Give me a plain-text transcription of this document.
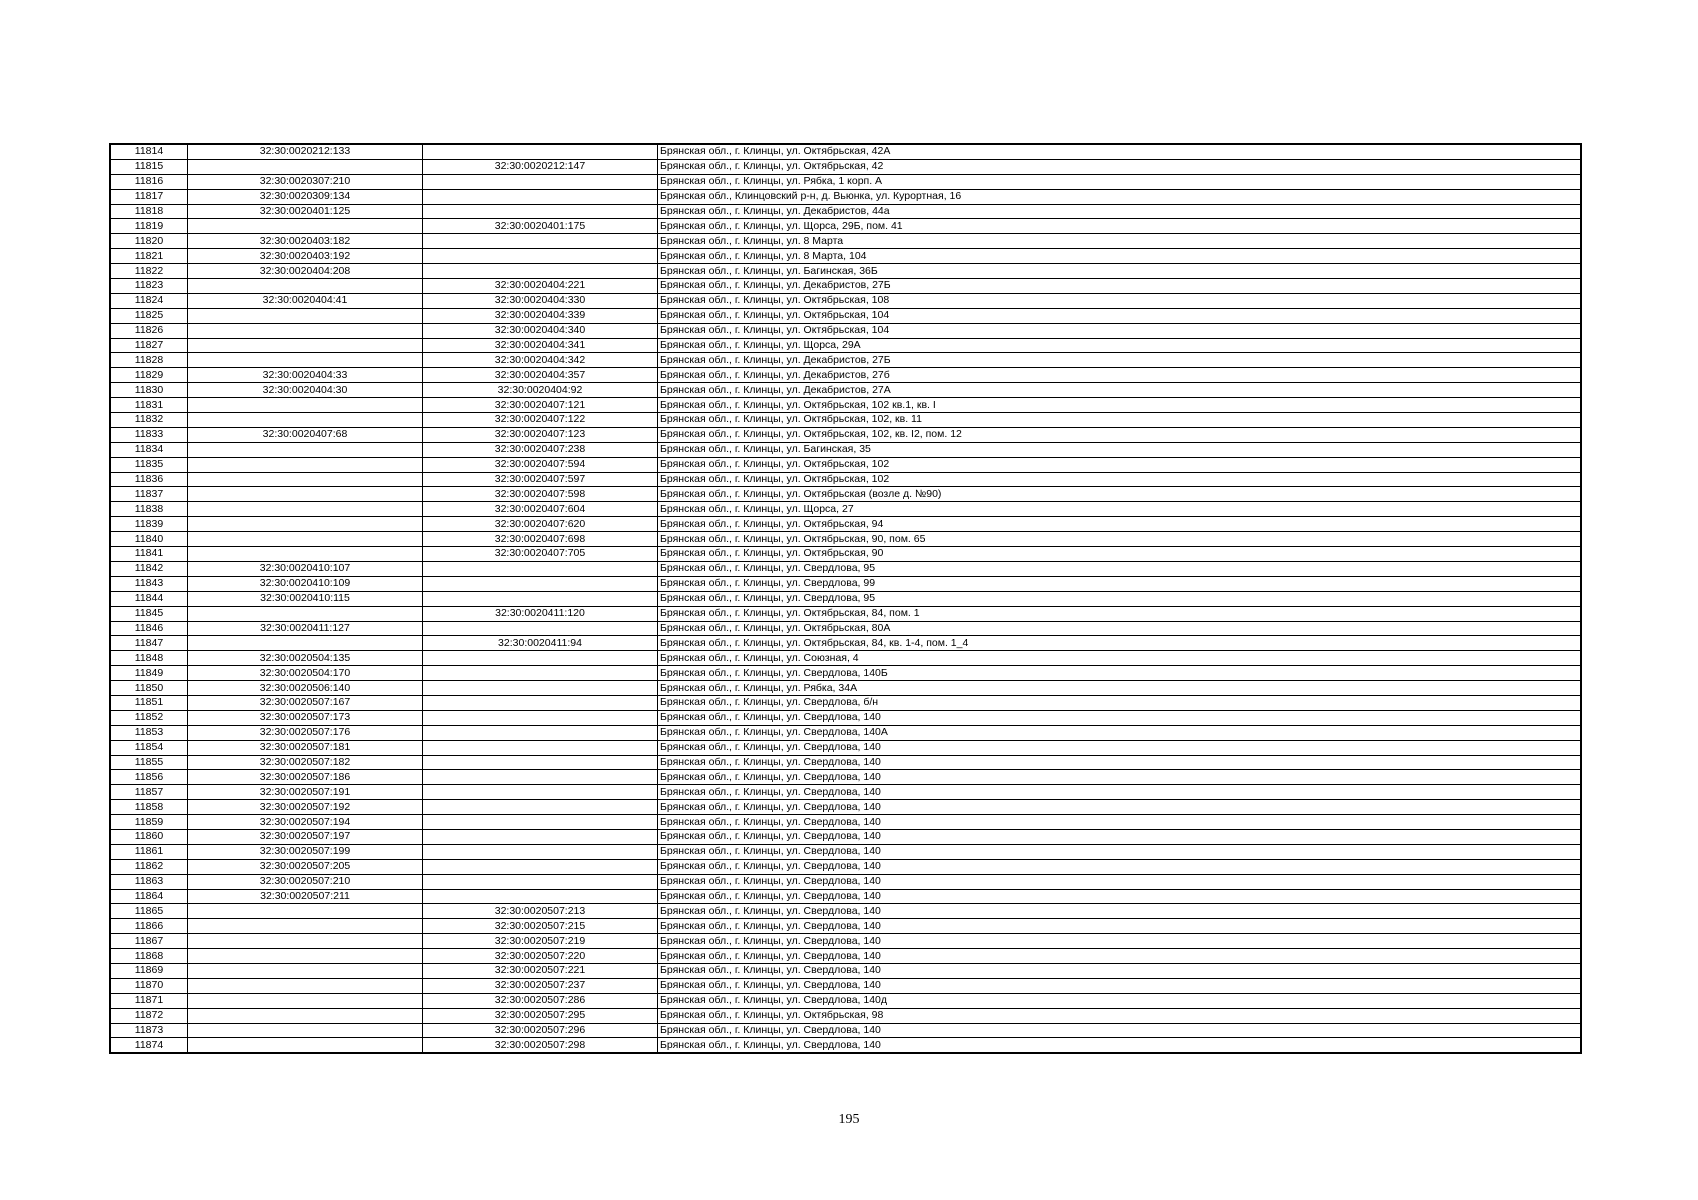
11814	32:30:0020212:133		Брянская обл., г. Клинцы, ул. Октябрьская, 42А
11815		32:30:0020212:147	Брянская обл., г. Клинцы, ул. Октябрьская, 42
11816	32:30:0020307:210		Брянская обл., г. Клинцы, ул. Рябка, 1 корп. А
11817	32:30:0020309:134		Брянская обл., Клинцовский р-н, д. Вьюнка, ул. Курортная, 16
11818	32:30:0020401:125		Брянская обл., г. Клинцы, ул. Декабристов, 44а
11819		32:30:0020401:175	Брянская обл., г. Клинцы, ул. Щорса, 29Б, пом. 41
11820	32:30:0020403:182		Брянская обл., г. Клинцы, ул. 8 Марта
11821	32:30:0020403:192		Брянская обл., г. Клинцы, ул. 8 Марта, 104
11822	32:30:0020404:208		Брянская обл., г. Клинцы, ул. Багинская, 36Б
11823		32:30:0020404:221	Брянская обл., г. Клинцы, ул. Декабристов, 27Б
11824	32:30:0020404:41	32:30:0020404:330	Брянская обл., г. Клинцы, ул. Октябрьская, 108
11825		32:30:0020404:339	Брянская обл., г. Клинцы, ул. Октябрьская, 104
11826		32:30:0020404:340	Брянская обл., г. Клинцы, ул. Октябрьская, 104
11827		32:30:0020404:341	Брянская обл., г. Клинцы, ул. Щорса, 29А
11828		32:30:0020404:342	Брянская обл., г. Клинцы, ул. Декабристов, 27Б
11829	32:30:0020404:33	32:30:0020404:357	Брянская обл., г. Клинцы, ул. Декабристов, 27б
11830	32:30:0020404:30	32:30:0020404:92	Брянская обл., г. Клинцы, ул. Декабристов, 27А
11831		32:30:0020407:121	Брянская обл., г. Клинцы, ул. Октябрьская, 102 кв.1, кв. I
11832		32:30:0020407:122	Брянская обл., г. Клинцы, ул. Октябрьская, 102, кв. 11
11833	32:30:0020407:68	32:30:0020407:123	Брянская обл., г. Клинцы, ул. Октябрьская, 102, кв. I2, пом. 12
11834		32:30:0020407:238	Брянская обл., г. Клинцы, ул. Багинская, 35
11835		32:30:0020407:594	Брянская обл., г. Клинцы, ул. Октябрьская, 102
11836		32:30:0020407:597	Брянская обл., г. Клинцы, ул. Октябрьская, 102
11837		32:30:0020407:598	Брянская обл., г. Клинцы, ул. Октябрьская (возле д. №90)
11838		32:30:0020407:604	Брянская обл., г. Клинцы, ул. Щорса, 27
11839		32:30:0020407:620	Брянская обл., г. Клинцы, ул. Октябрьская, 94
11840		32:30:0020407:698	Брянская обл., г. Клинцы, ул. Октябрьская, 90, пом. 65
11841		32:30:0020407:705	Брянская обл., г. Клинцы, ул. Октябрьская, 90
11842	32:30:0020410:107		Брянская обл., г. Клинцы, ул. Свердлова, 95
11843	32:30:0020410:109		Брянская обл., г. Клинцы, ул. Свердлова, 99
11844	32:30:0020410:115		Брянская обл., г. Клинцы, ул. Свердлова, 95
11845		32:30:0020411:120	Брянская обл., г. Клинцы, ул. Октябрьская, 84, пом. 1
11846	32:30:0020411:127		Брянская обл., г. Клинцы, ул. Октябрьская, 80А
11847		32:30:0020411:94	Брянская обл., г. Клинцы, ул. Октябрьская, 84, кв. 1-4, пом. 1_4
11848	32:30:0020504:135		Брянская обл., г. Клинцы, ул. Союзная, 4
11849	32:30:0020504:170		Брянская обл., г. Клинцы, ул. Свердлова, 140Б
11850	32:30:0020506:140		Брянская обл., г. Клинцы, ул. Рябка, 34А
11851	32:30:0020507:167		Брянская обл., г. Клинцы, ул. Свердлова, б/н
11852	32:30:0020507:173		Брянская обл., г. Клинцы, ул. Свердлова, 140
11853	32:30:0020507:176		Брянская обл., г. Клинцы, ул. Свердлова, 140А
11854	32:30:0020507:181		Брянская обл., г. Клинцы, ул. Свердлова, 140
11855	32:30:0020507:182		Брянская обл., г. Клинцы, ул. Свердлова, 140
11856	32:30:0020507:186		Брянская обл., г. Клинцы, ул. Свердлова, 140
11857	32:30:0020507:191		Брянская обл., г. Клинцы, ул. Свердлова, 140
11858	32:30:0020507:192		Брянская обл., г. Клинцы, ул. Свердлова, 140
11859	32:30:0020507:194		Брянская обл., г. Клинцы, ул. Свердлова, 140
11860	32:30:0020507:197		Брянская обл., г. Клинцы, ул. Свердлова, 140
11861	32:30:0020507:199		Брянская обл., г. Клинцы, ул. Свердлова, 140
11862	32:30:0020507:205		Брянская обл., г. Клинцы, ул. Свердлова, 140
11863	32:30:0020507:210		Брянская обл., г. Клинцы, ул. Свердлова, 140
11864	32:30:0020507:211		Брянская обл., г. Клинцы, ул. Свердлова, 140
11865		32:30:0020507:213	Брянская обл., г. Клинцы, ул. Свердлова, 140
11866		32:30:0020507:215	Брянская обл., г. Клинцы, ул. Свердлова, 140
11867		32:30:0020507:219	Брянская обл., г. Клинцы, ул. Свердлова, 140
11868		32:30:0020507:220	Брянская обл., г. Клинцы, ул. Свердлова, 140
11869		32:30:0020507:221	Брянская обл., г. Клинцы, ул. Свердлова, 140
11870		32:30:0020507:237	Брянская обл., г. Клинцы, ул. Свердлова, 140
11871		32:30:0020507:286	Брянская обл., г. Клинцы, ул. Свердлова, 140д
11872		32:30:0020507:295	Брянская обл., г. Клинцы, ул. Октябрьская, 98
11873		32:30:0020507:296	Брянская обл., г. Клинцы, ул. Свердлова, 140
11874		32:30:0020507:298	Брянская обл., г. Клинцы, ул. Свердлова, 140
195
